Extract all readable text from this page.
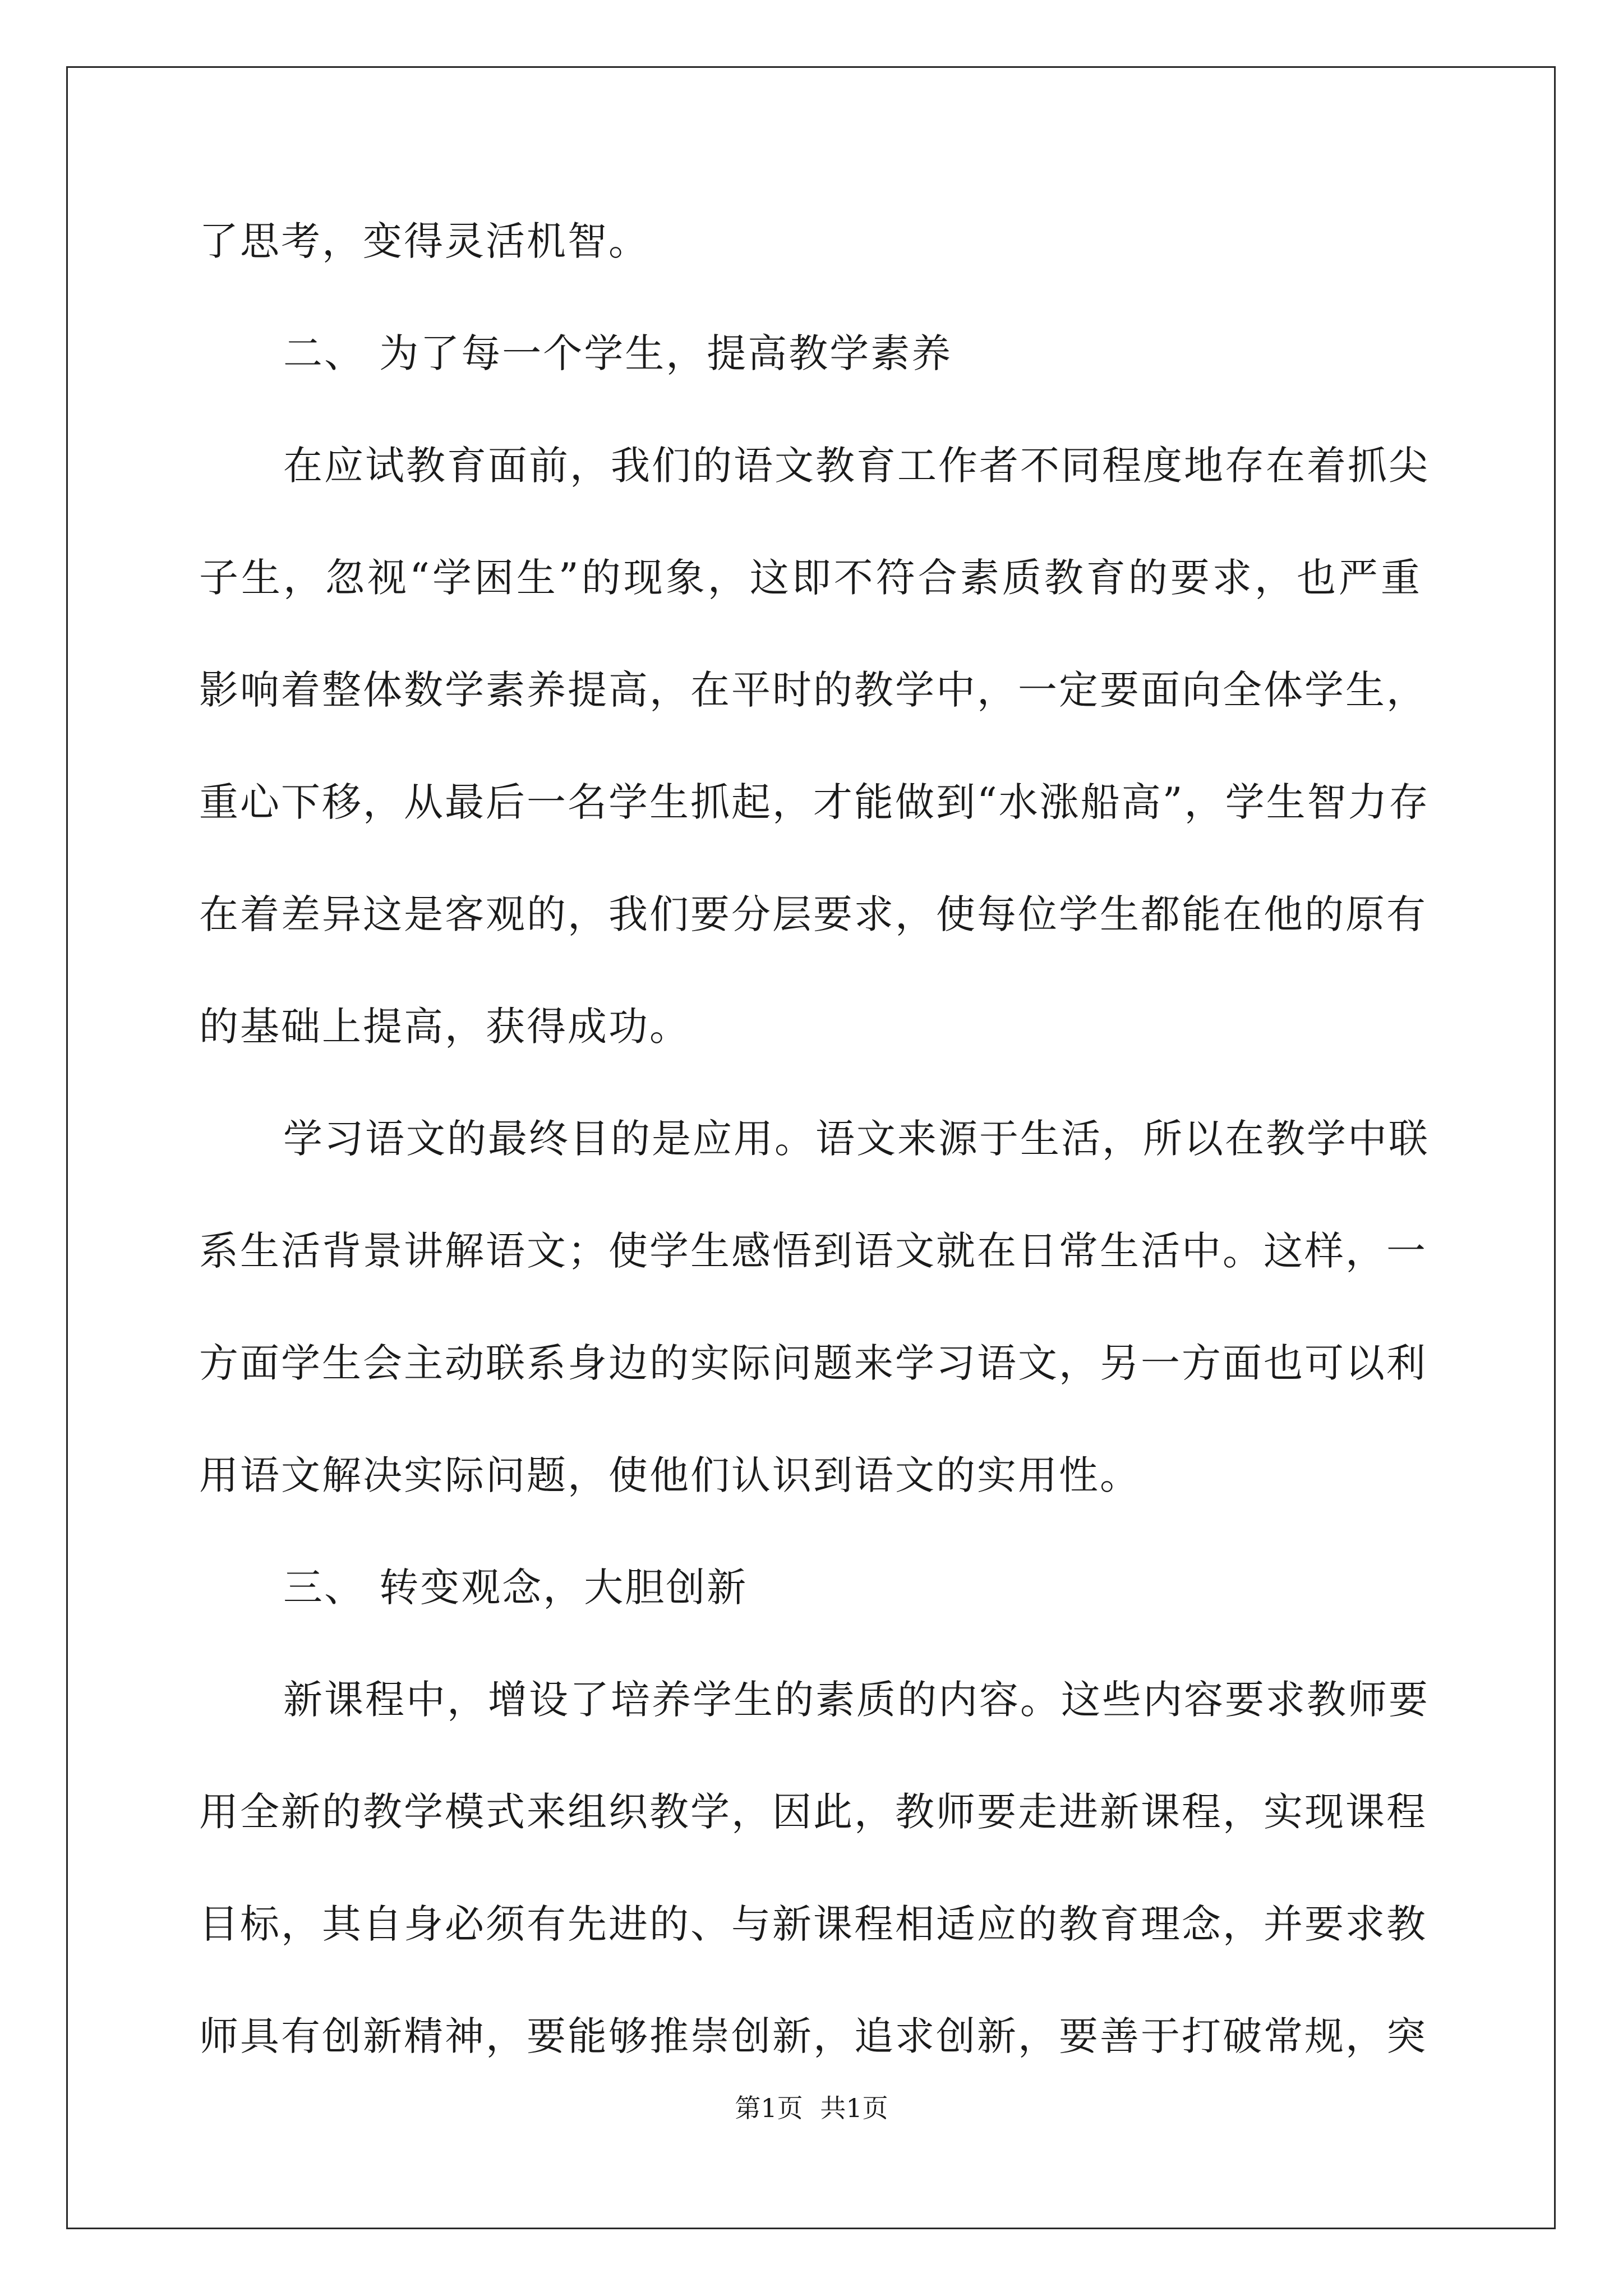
了思考，变得灵活机智。
二、 为了每一个学生，提高教学素养
在应试教育面前，我们的语文教育工作者不同程度地存在着抓尖
子生，忽视“学困生”的现象，这即不符合素质教育的要求，也严重
影响着整体数学素养提高，在平时的教学中，一定要面向全体学生，
重心下移，从最后一名学生抓起，才能做到“水涨船高”，学生智力存
在着差异这是客观的，我们要分层要求，使每位学生都能在他的原有
的基础上提高，获得成功。
学习语文的最终目的是应用。语文来源于生活，所以在教学中联
系生活背景讲解语文；使学生感悟到语文就在日常生活中。这样，一
方面学生会主动联系身边的实际问题来学习语文，另一方面也可以利
用语文解决实际问题，使他们认识到语文的实用性。
三、 转变观念，大胆创新
新课程中，增设了培养学生的素质的内容。这些内容要求教师要
用全新的教学模式来组织教学，因此，教师要走进新课程，实现课程
目标，其自身必须有先进的、与新课程相适应的教育理念，并要求教
师具有创新精神，要能够推崇创新，追求创新，要善于打破常规，突
第1页 共1页
